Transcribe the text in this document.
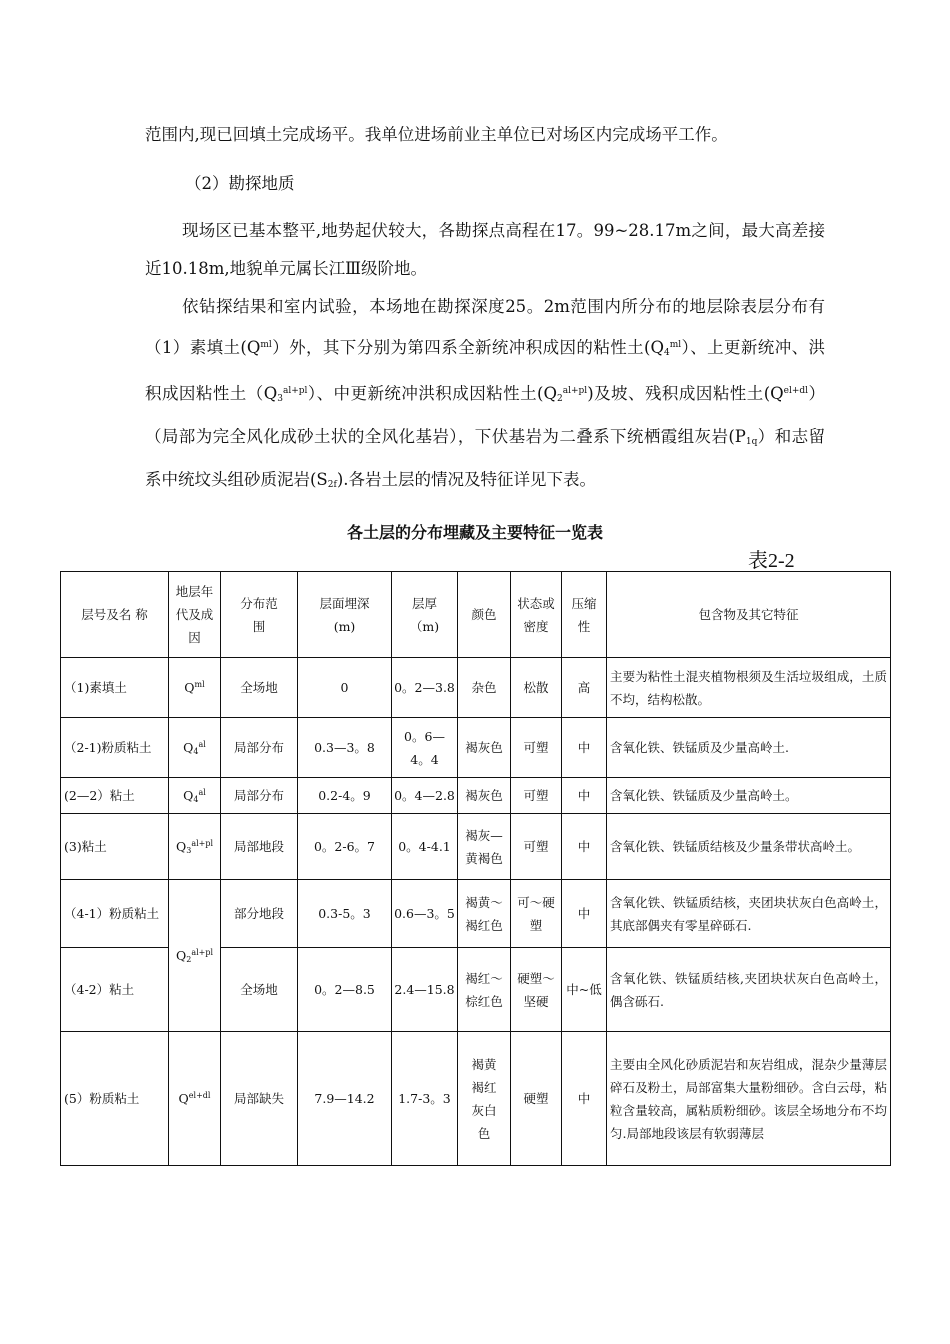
范围内,现已回填土完成场平。我单位进场前业主单位已对场区内完成场平工作。

（2）勘探地质

现场区已基本整平,地势起伏较大，各勘探点高程在17。99~28.17m之间，最大高差接近10.18m,地貌单元属长江Ⅲ级阶地。

依钻探结果和室内试验，本场地在勘探深度25。2m范围内所分布的地层除表层分布有（1）素填土$(Q^{ml})$外，其下分别为第四系全新统冲积成因的粘性土$(Q_4^{ml})$、上更新统冲、洪积成因粘性土$(Q_3^{al+pl})$、中更新统冲洪积成因粘性土$(Q_2^{al+pl})$及坡、残积成因粘性土$(Q^{el+dl})$（局部为完全风化成砂土状的全风化基岩），下伏基岩为二叠系下统栖霞组灰岩$(P_{1q})$和志留系中统坟头组砂质泥岩$(S_{2f})$.各岩土层的情况及特征详见下表。

各土层的分布埋藏及主要特征一览表

表2-2
层号及名 称	地层年代及成因	分布范围	层面埋深(m)	层厚（m)	颜色	状态或密度	压缩性	包含物及其它特征
（1)素填土	$Q^{ml}$	全场地	0	0。2—3.8	杂色	松散	高	主要为粘性土混夹植物根须及生活垃圾组成，土质不均，结构松散。
（2-1)粉质粘土	$Q_4^{al}$	局部分布	0.3—3。8	0。6—4。4	褐灰色	可塑	中	含氧化铁、铁锰质及少量高岭土.
(2—2）粘土	$Q_4^{al}$	局部分布	0.2-4。9	0。4—2.8	褐灰色	可塑	中	含氧化铁、铁锰质及少量高岭土。
(3)粘土	$Q_3^{al+pl}$	局部地段	0。2-6。7	0。4-4.1	褐灰—黄褐色	可塑	中	含氧化铁、铁锰质结核及少量条带状高岭土。
（4-1）粉质粘土	$Q_2^{al+pl}$	部分地段	0.3-5。3	0.6—3。5	褐黄～褐红色	可～硬塑	中	含氧化铁、铁锰质结核，夹团块状灰白色高岭土，其底部偶夹有零星碎砾石.
（4-2）粘土		全场地	0。2—8.5	2.4—15.8	褐红～棕红色	硬塑～坚硬	中~低	含氧化铁、铁锰质结核,夹团块状灰白色高岭土，偶含砾石.
(5）粉质粘土	$Q^{el+dl}$	局部缺失	7.9—14.2	1.7-3。3	褐黄褐红灰白色	硬塑	中	主要由全风化砂质泥岩和灰岩组成，混杂少量薄层碎石及粉土，局部富集大量粉细砂。含白云母，粘粒含量较高，属粘质粉细砂。该层全场地分布不均匀.局部地段该层有软弱薄层
